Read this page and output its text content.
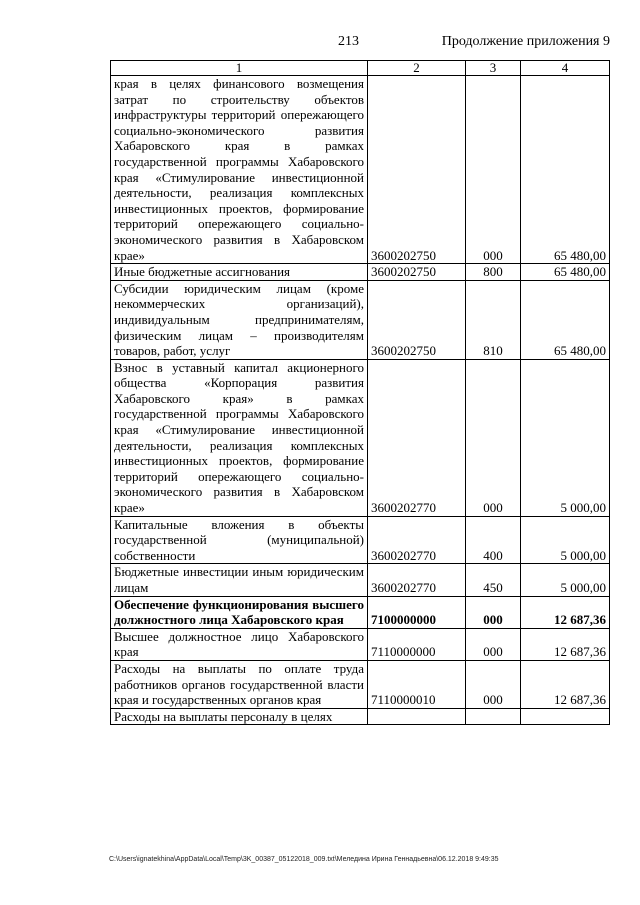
213	Продолжение приложения 9
1	2	3	4
края в целях финансового возмещения затрат по строительству объектов инфраструктуры территорий опережающего социально-экономического развития Хабаровского края в рамках государственной программы Хабаровского края «Стимулирование инвестиционной деятельности, реализация комплексных инвестиционных проектов, формирование территорий опережающего социально-экономического развития в Хабаровском крае»	3600202750	000	65 480,00
Иные бюджетные ассигнования	3600202750	800	65 480,00
Субсидии юридическим лицам (кроме некоммерческих организаций), индивидуальным предпринимателям, физическим лицам – производителям товаров, работ, услуг	3600202750	810	65 480,00
Взнос в уставный капитал акционерного общества «Корпорация развития Хабаровского края» в рамках государственной программы Хабаровского края «Стимулирование инвестиционной деятельности, реализация комплексных инвестиционных проектов, формирование территорий опережающего социально-экономического развития в Хабаровском крае»	3600202770	000	5 000,00
Капитальные вложения в объекты государственной (муниципальной) собственности	3600202770	400	5 000,00
Бюджетные инвестиции иным юридическим лицам	3600202770	450	5 000,00
Обеспечение функционирования высшего должностного лица Хабаровского края	7100000000	000	12 687,36
Высшее должностное лицо Хабаровского края	7110000000	000	12 687,36
Расходы на выплаты по оплате труда работников органов государственной власти края и государственных органов края	7110000010	000	12 687,36
Расходы на выплаты персоналу в целях			
C:\Users\ignatekhina\AppData\Local\Temp\3K_00387_05122018_009.txt\Меледина Ирина Геннадьевна\06.12.2018 9:49:35
